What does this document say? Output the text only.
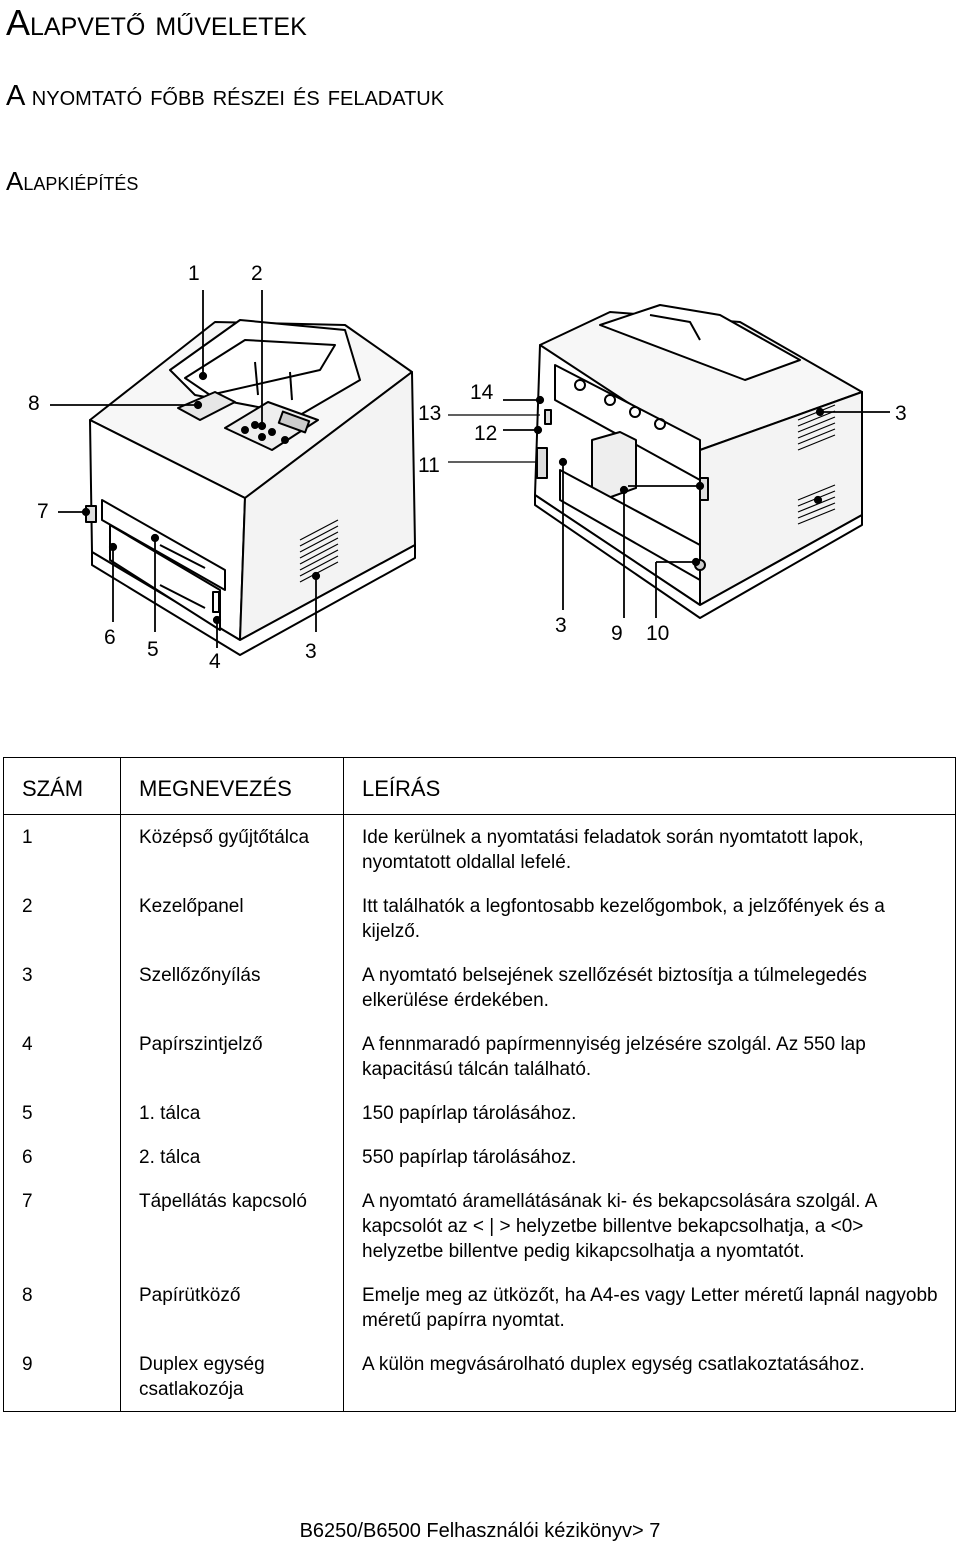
Alapvető műveletek
A nyomtató főbb részei és feladatuk
Alapkiépítés
1 2
8
7
6
5
4	3
13
11
14
12
3
3 9 10
SZÁM	MEGNEVEZÉS	LEÍRÁS
1	Középső gyűjtőtálca	Ide kerülnek a nyomtatási feladatok során nyomtatott lapok, nyomtatott oldallal lefelé.
2	Kezelőpanel	Itt találhatók a legfontosabb kezelőgombok, a jelzőfények és a kijelző.
3	Szellőzőnyílás	A nyomtató belsejének szellőzését biztosítja a túlmelegedés elkerülése érdekében.
4	Papírszintjelző	A fennmaradó papírmennyiség jelzésére szolgál. Az 550 lap kapacitású tálcán található.
5	1. tálca	150 papírlap tárolásához.
6	2. tálca	550 papírlap tárolásához.
7	Tápellátás kapcsoló	A nyomtató áramellátásának ki- és bekapcsolására szolgál. A kapcsolót az < | > helyzetbe billentve bekapcsolhatja, a <0> helyzetbe billentve pedig kikapcsolhatja a nyomtatót.
8	Papírütköző	Emelje meg az ütközőt, ha A4-es vagy Letter méretű lapnál nagyobb méretű papírra nyomtat.
9	Duplex egység csatlakozója	A külön megvásárolható duplex egység csatlakoztatásához.
B6250/B6500 Felhasználói kézikönyv> 7
